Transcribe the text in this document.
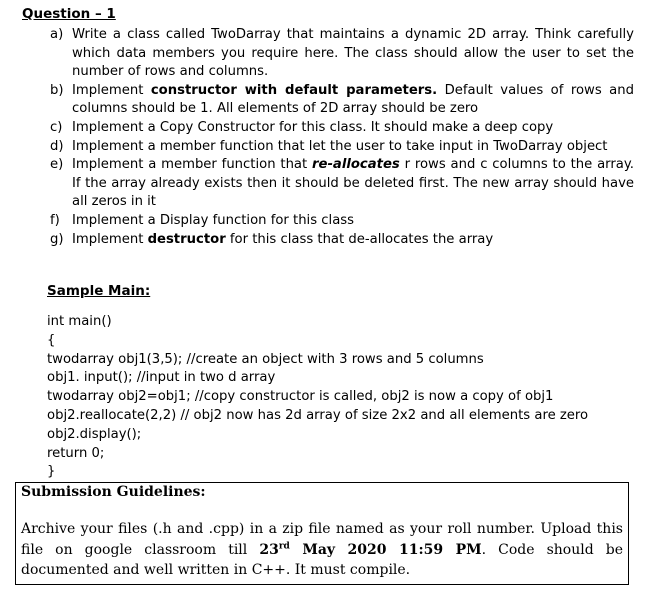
Question – 1
a) Write a class called TwoDarray that maintains a dynamic 2D array. Think carefully which data members you require here. The class should allow the user to set the number of rows and columns.
b) Implement constructor with default parameters. Default values of rows and columns should be 1. All elements of 2D array should be zero
c) Implement a Copy Constructor for this class. It should make a deep copy
d) Implement a member function that let the user to take input in TwoDarray object
e) Implement a member function that re-allocates r rows and c columns to the array. If the array already exists then it should be deleted first. The new array should have all zeros in it
f) Implement a Display function for this class
g) Implement destructor for this class that de-allocates the array
Sample Main:
int main()
{
twodarray obj1(3,5); //create an object with 3 rows and 5 columns
obj1. input(); //input in two d array
twodarray obj2=obj1; //copy constructor is called, obj2 is now a copy of obj1
obj2.reallocate(2,2) // obj2 now has 2d array of size 2x2 and all elements are zero
obj2.display();
return 0;
}
Submission Guidelines:
Archive your files (.h and .cpp) in a zip file named as your roll number. Upload this file on google classroom till 23rd May 2020 11:59 PM. Code should be documented and well written in C++. It must compile.
